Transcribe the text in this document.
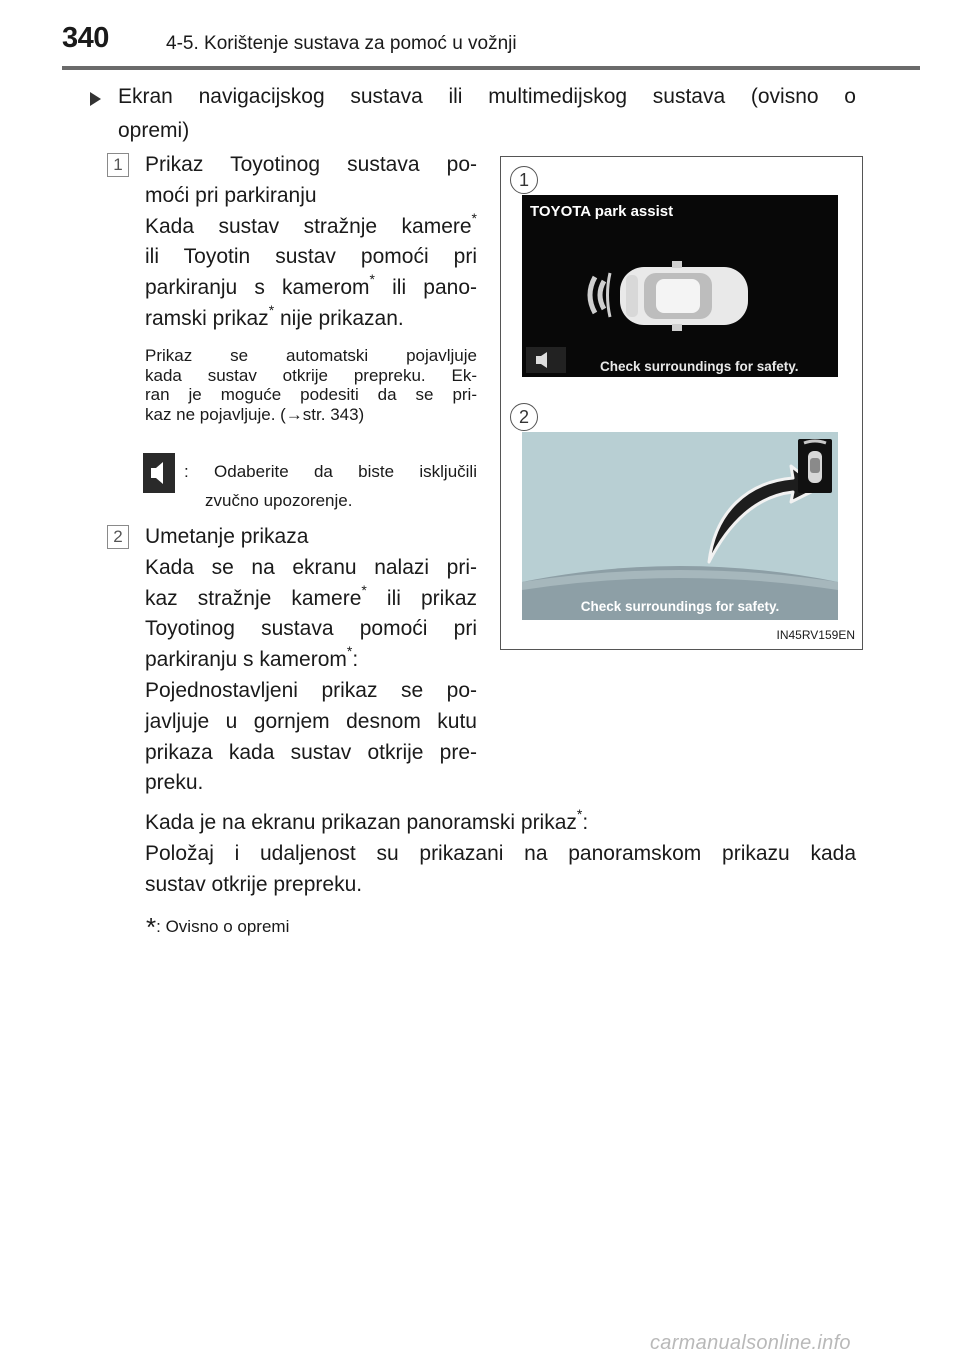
340	4-5. Korištenje sustava za pomoć u vožnji
Ekran navigacijskog sustava ili multimedijskog sustava (ovisno o
opremi)
1 Prikaz Toyotinog sustava po-
moći pri parkiranju
Kada sustav stražnje kamere*
ili Toyotin sustav pomoći pri
parkiranju s kamerom* ili pano-
ramski prikaz* nije prikazan.
Prikaz se automatski pojavljuje
kada sustav otkrije prepreku. Ek-
ran je moguće podesiti da se pri-
kaz ne pojavljuje. (→str. 343)
: Odaberite da biste isključili
zvučno upozorenje.
2 Umetanje prikaza
Kada se na ekranu nalazi pri-
kaz stražnje kamere* ili prikaz
Toyotinog sustava pomoći pri
parkiranju s kamerom*:
Pojednostavljeni prikaz se po-
javljuje u gornjem desnom kutu
prikaza kada sustav otkrije pre-
preku.
Kada je na ekranu prikazan panoramski prikaz*:
Položaj i udaljenost su prikazani na panoramskom prikazu kada
sustav otkrije prepreku.
*: Ovisno o opremi
1
TOYOTA park assist
Check surroundings for safety.
2
Check surroundings for safety.
IN45RV159EN
carmanualsonline.info
